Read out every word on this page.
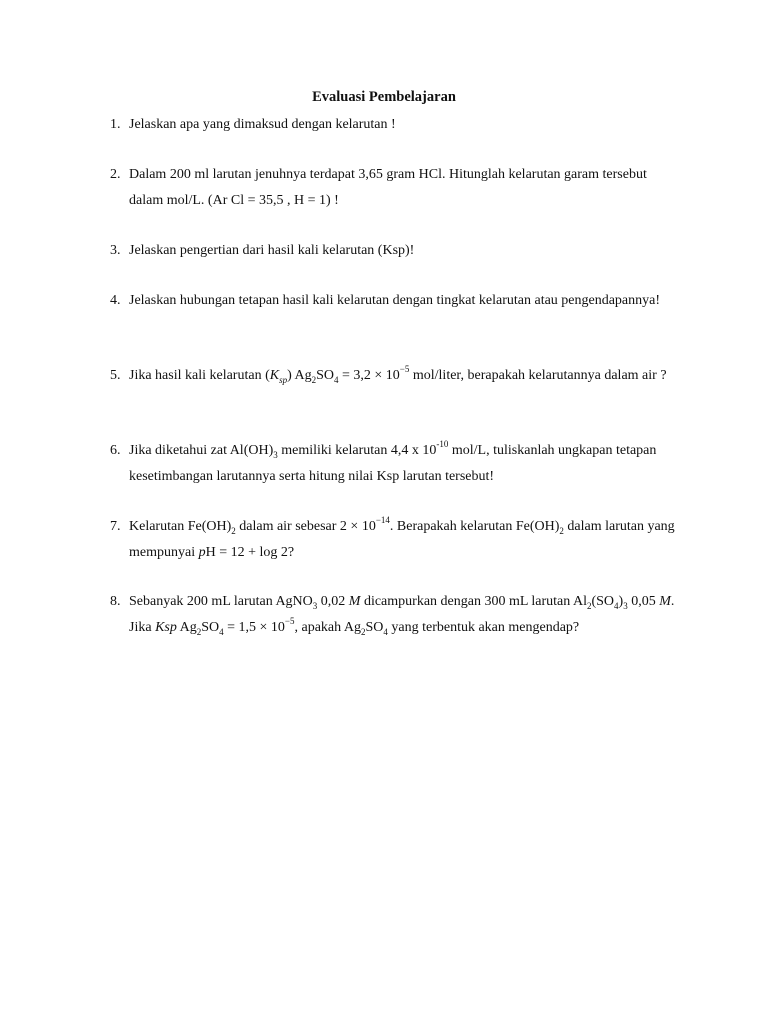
Evaluasi Pembelajaran
1. Jelaskan apa yang dimaksud dengan kelarutan !
2. Dalam 200 ml larutan jenuhnya terdapat 3,65 gram HCl. Hitunglah kelarutan garam tersebut dalam mol/L. (Ar Cl = 35,5 , H = 1) !
3. Jelaskan pengertian dari hasil kali kelarutan (Ksp)!
4. Jelaskan hubungan tetapan hasil kali kelarutan dengan tingkat kelarutan atau pengendapannya!
5. Jika hasil kali kelarutan $(K_{sp}) Ag_2SO_4 = 3,2 \times 10^{-5}$ mol/liter, berapakah kelarutannya dalam air ?
6. Jika diketahui zat $Al(OH)_3$ memiliki kelarutan 4,4 x $10^{-10}$ mol/L, tuliskanlah ungkapan tetapan kesetimbangan larutannya serta hitung nilai Ksp larutan tersebut!
7. Kelarutan $Fe(OH)_2$ dalam air sebesar $2 \times 10^{-14}$. Berapakah kelarutan $Fe(OH)_2$ dalam larutan yang mempunyai pH = 12 + log 2?
8. Sebanyak 200 mL larutan AgNO$_3$ 0,02 M dicampurkan dengan 300 mL larutan $Al_2(SO_4)_3$ 0,05 M. Jika Ksp $Ag_2SO_4 = 1,5 \times 10^{-5}$, apakah $Ag_2SO_4$ yang terbentuk akan mengendap?
